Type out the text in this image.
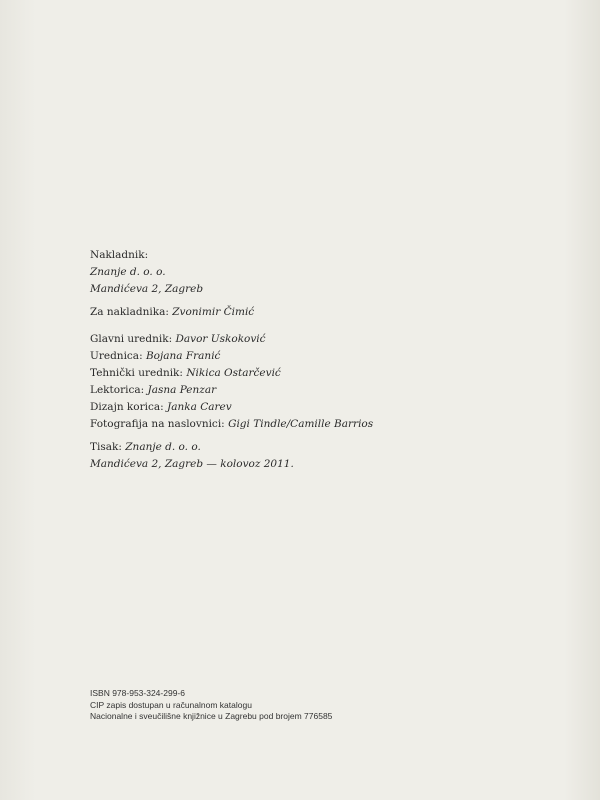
Nakladnik:
Znanje d. o. o.
Mandićeva 2, Zagreb
Za nakladnika: Zvonimir Čimić
Glavni urednik: Davor Uskoković
Urednica: Bojana Franić
Tehnički urednik: Nikica Ostarčević
Lektorica: Jasna Penzar
Dizajn korica: Janka Carev
Fotografija na naslovnici: Gigi Tindle/Camille Barrios
Tisak: Znanje d. o. o.
Mandićeva 2, Zagreb — kolovoz 2011.
ISBN 978-953-324-299-6
CIP zapis dostupan u računalnom katalogu
Nacionalne i sveučilišne knjižnice u Zagrebu pod brojem 776585
